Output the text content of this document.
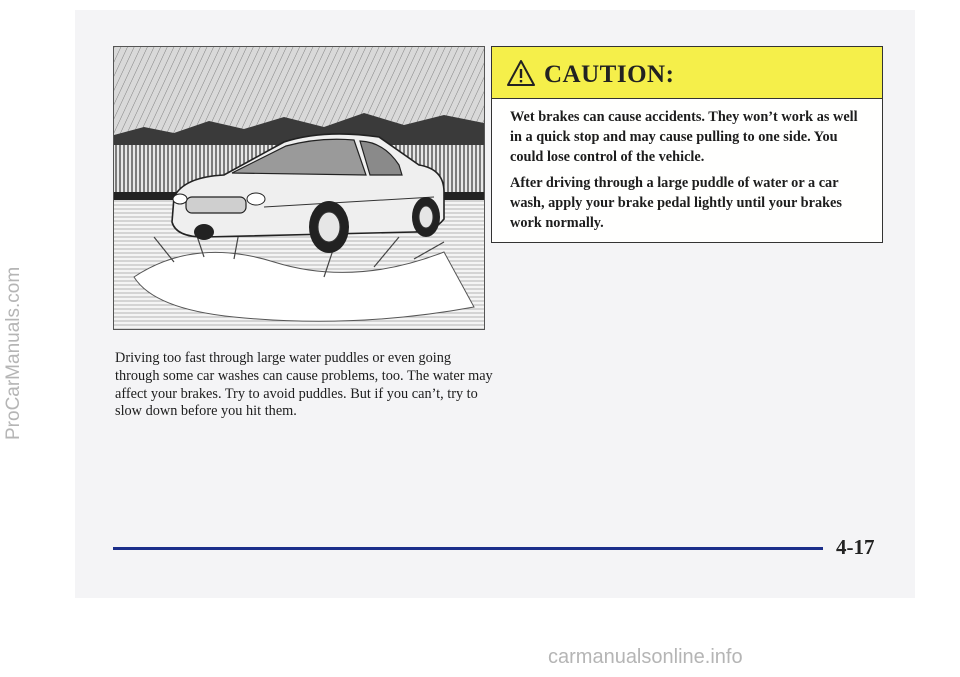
Driving too fast through large water puddles or even going through some car washes can cause problems, too. The water may affect your brakes. Try to avoid puddles. But if you can’t, try to slow down before you hit them.

CAUTION:

Wet brakes can cause accidents. They won’t work as well in a quick stop and may cause pulling to one side. You could lose control of the vehicle.

After driving through a large puddle of water or a car wash, apply your brake pedal lightly until your brakes work normally.

4-17
ProCarManuals.com
carmanualsonline.info
